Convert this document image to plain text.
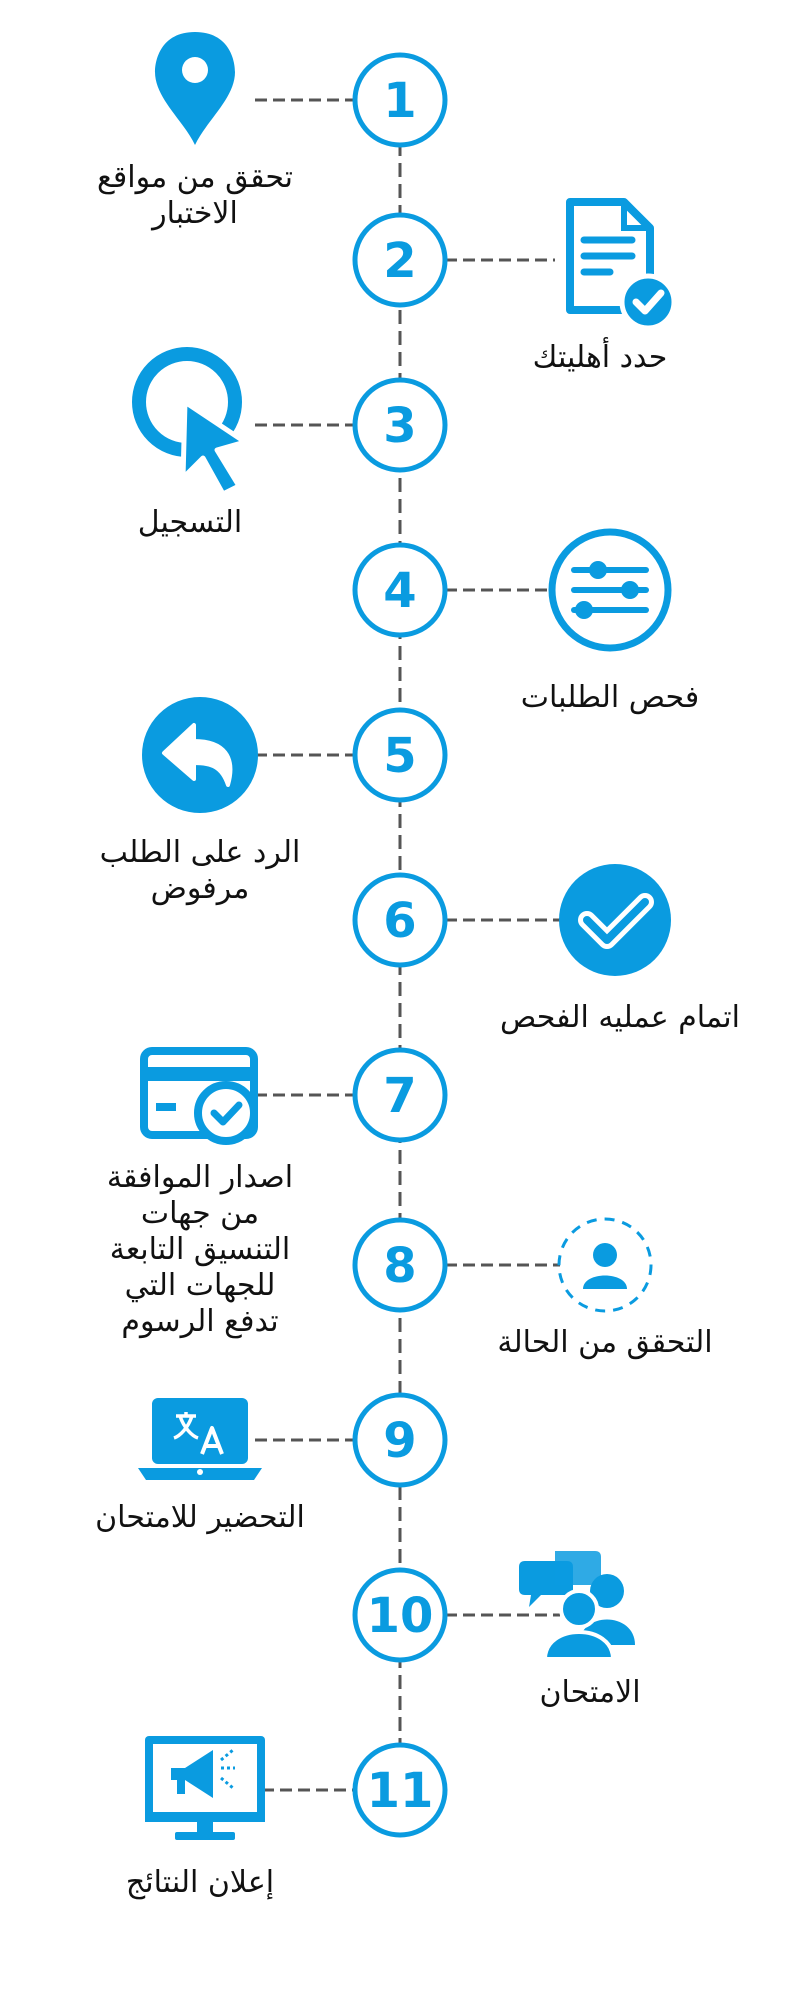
1
2
3
4
5
6
7
8
9
10
11
تحقق من مواقع
الاختبار
حدد أهليتك
التسجيل
فحص الطلبات
الرد على الطلب
مرفوض
اتمام عمليه الفحص
اصدار الموافقة
من جهات
التنسيق التابعة
للجهات التي
تدفع الرسوم
التحقق من الحالة
التحضير للامتحان
الامتحان
إعلان النتائج
